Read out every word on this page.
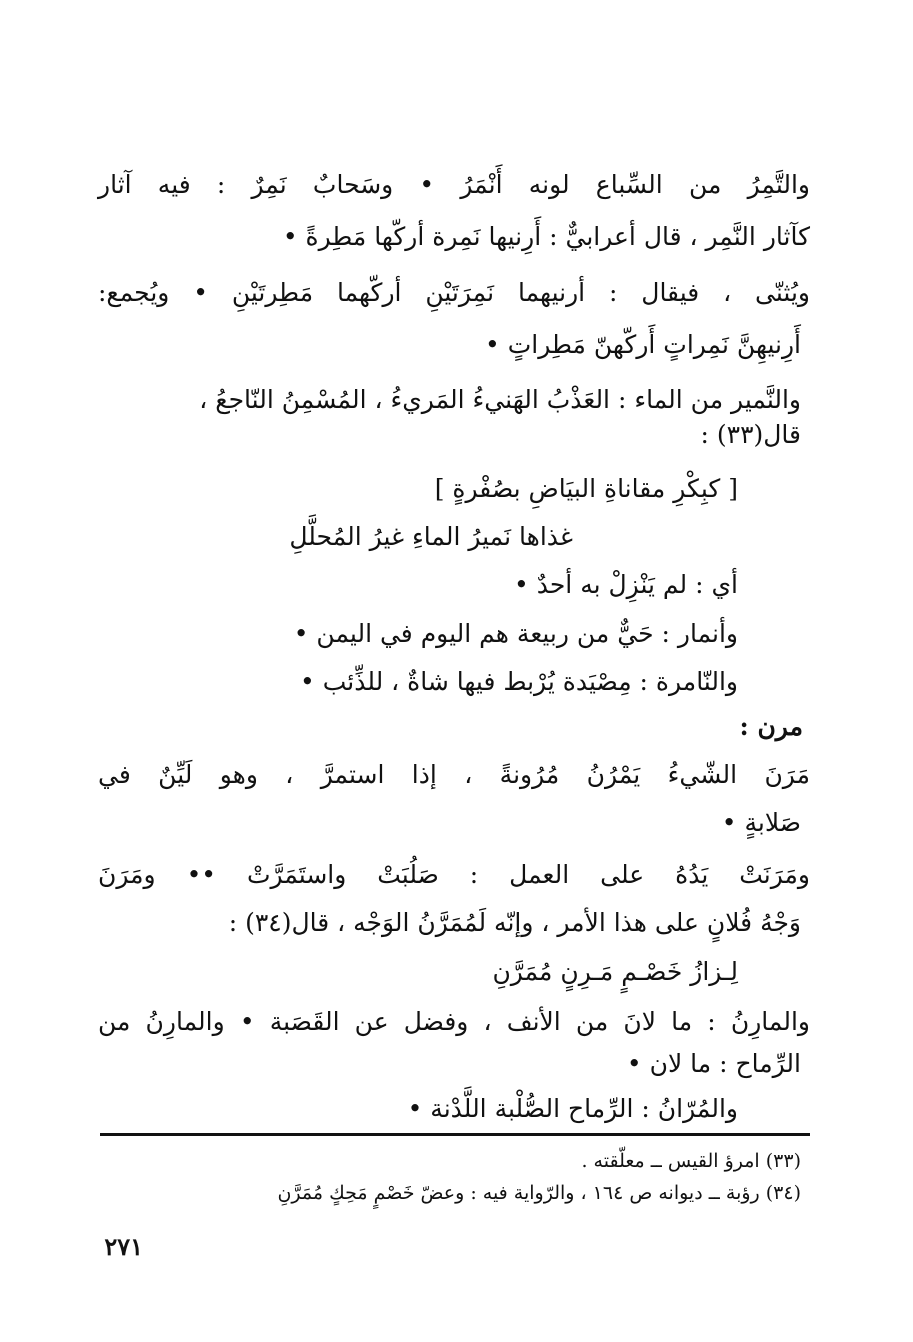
والتَّمِرُ من السِّباع لونه أَنْمَرُ • وسَحابٌ نَمِرٌ : فيه آثار
كآثار النَّمِر ، قال أعرابيٌّ : أَرِنيها نَمِرة أركّها مَطِرةً •
ويُثنّى ، فيقال : أرنيهما نَمِرَتَيْنِ أركّهما مَطِرتَيْنِ • ويُجمع:
أَرِنيهِنَّ نَمِراتٍ أَركّهنّ مَطِراتٍ •
والنَّمير من الماء : العَذْبُ الهَنيءُ المَريءُ ، المُسْمِنُ النّاجعُ ،
قال(٣٣) :
[ كبِكْرِ مقاناةِ البيَاضِ بصُفْرةٍ ]
غذاها نَميرُ الماءِ غيرُ المُحلَّلِ
أي : لم يَنْزِلْ به أحدٌ •
وأنمار : حَيٌّ من ربيعة هم اليوم في اليمن •
والنّامرة : مِصْيَدة يُرْبط فيها شاةٌ ، للذِّئب •
مرن :
مَرَنَ الشّيءُ يَمْرُنُ مُرُونةً ، إذا استمرَّ ، وهو لَيِّنٌ في
صَلابةٍ •
ومَرَنَتْ يَدُهُ على العمل : صَلُبَتْ واستَمَرَّتْ •• ومَرَنَ
وَجْهُ فُلانٍ على هذا الأمر ، وإنّه لَمُمَرَّنُ الوَجْه ، قال(٣٤) :
لِـزازُ خَصْـمٍ مَـرِنٍ مُمَرَّنِ
والمارِنُ : ما لانَ من الأنف ، وفضل عن القَصَبة • والمارِنُ من
الرِّماح : ما لان •
والمُرّانُ : الرِّماح الصُّلْبة اللَّدْنة •
(٣٣) امرؤ القيس ــ معلّقته .
(٣٤) رؤبة ــ ديوانه ص ١٦٤ ، والرّواية فيه : وعضّ خَصْمٍ مَحِكٍ مُمَرَّنِ
٢٧١
